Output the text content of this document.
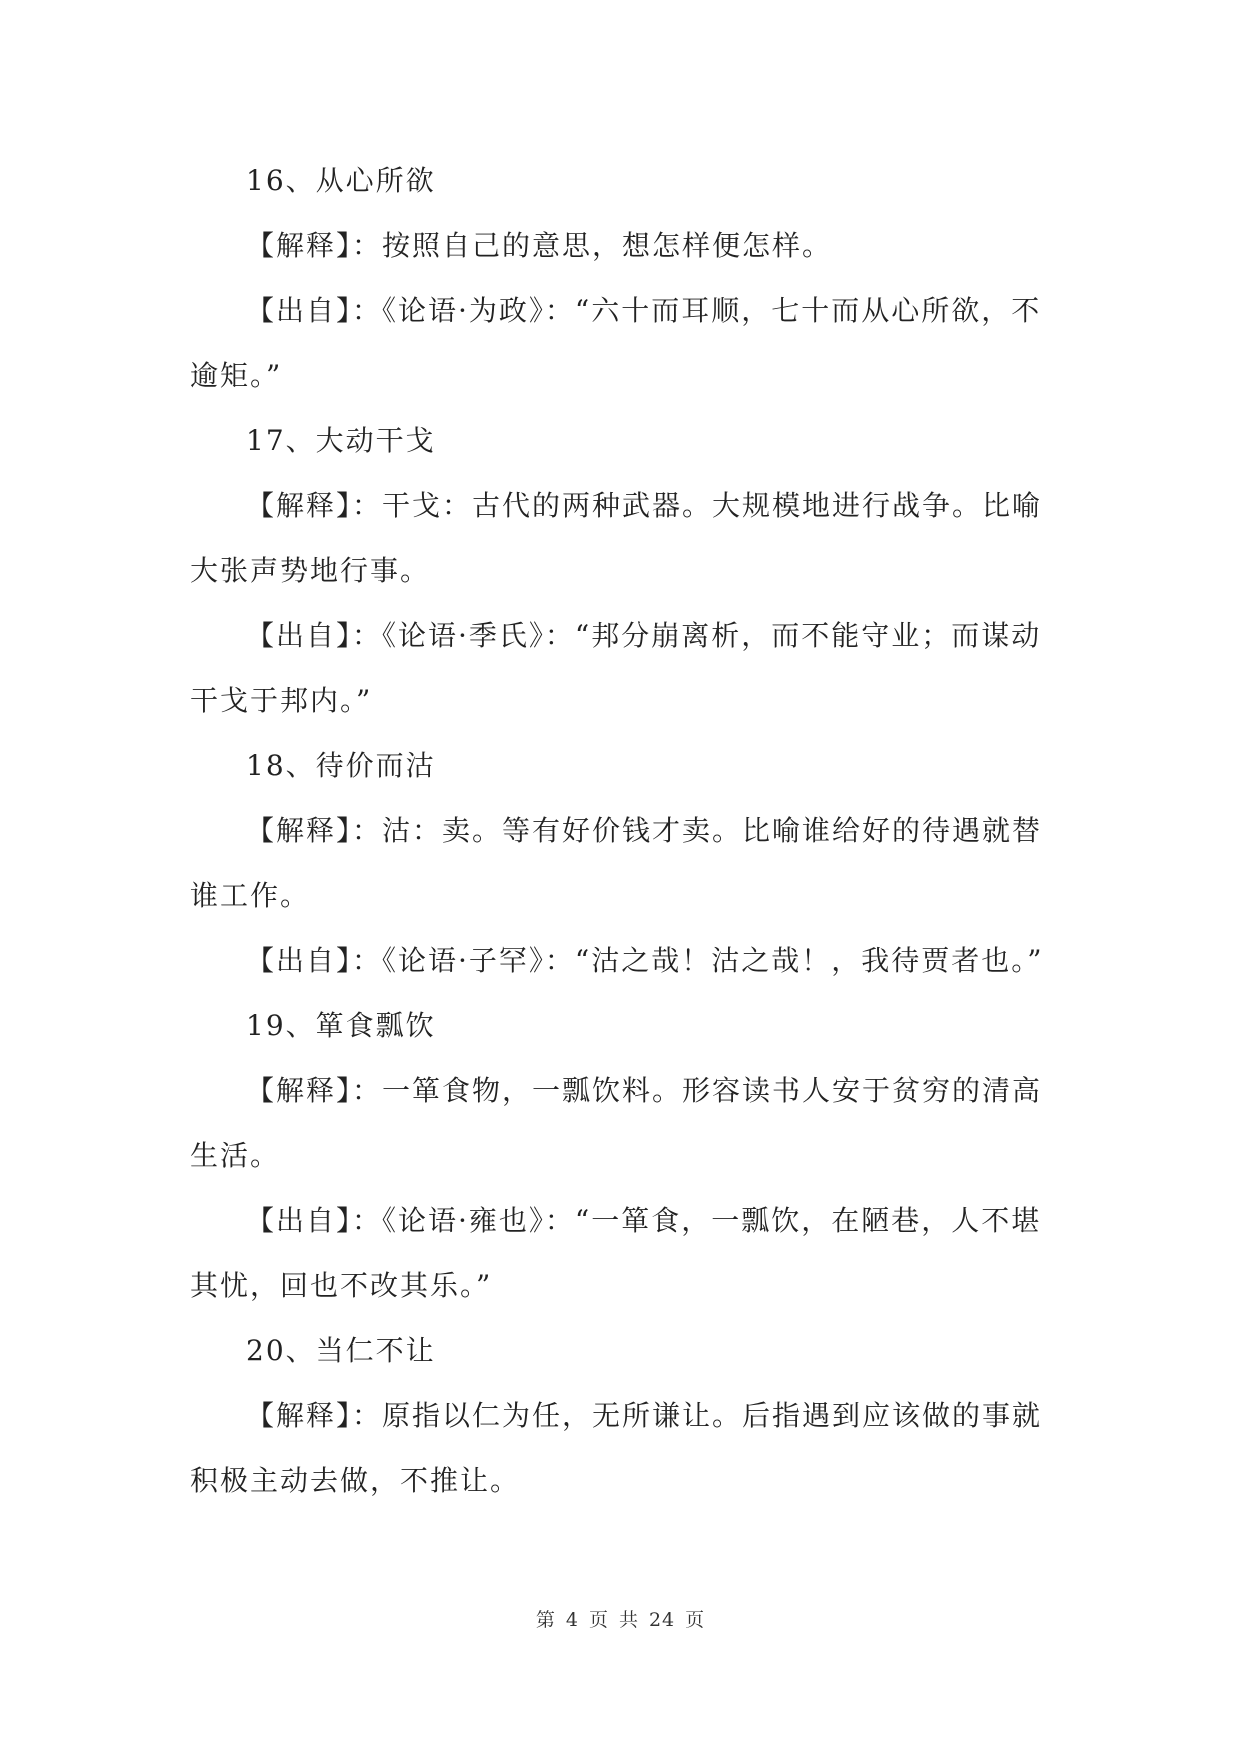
16、从心所欲

【解释】：按照自己的意思，想怎样便怎样。

【出自】：《论语·为政》：“六十而耳顺，七十而从心所欲，不逾矩。”

17、大动干戈

【解释】：干戈：古代的两种武器。大规模地进行战争。比喻大张声势地行事。

【出自】：《论语·季氏》：“邦分崩离析，而不能守业；而谋动干戈于邦内。”

18、待价而沽

【解释】：沽：卖。等有好价钱才卖。比喻谁给好的待遇就替谁工作。

【出自】：《论语·子罕》：“沽之哉！沽之哉！，我待贾者也。”

19、箪食瓢饮

【解释】：一箪食物，一瓢饮料。形容读书人安于贫穷的清高生活。

【出自】：《论语·雍也》：“一箪食，一瓢饮，在陋巷，人不堪其忧，回也不改其乐。”

20、当仁不让

【解释】：原指以仁为任，无所谦让。后指遇到应该做的事就积极主动去做，不推让。

第 4 页 共 24 页
